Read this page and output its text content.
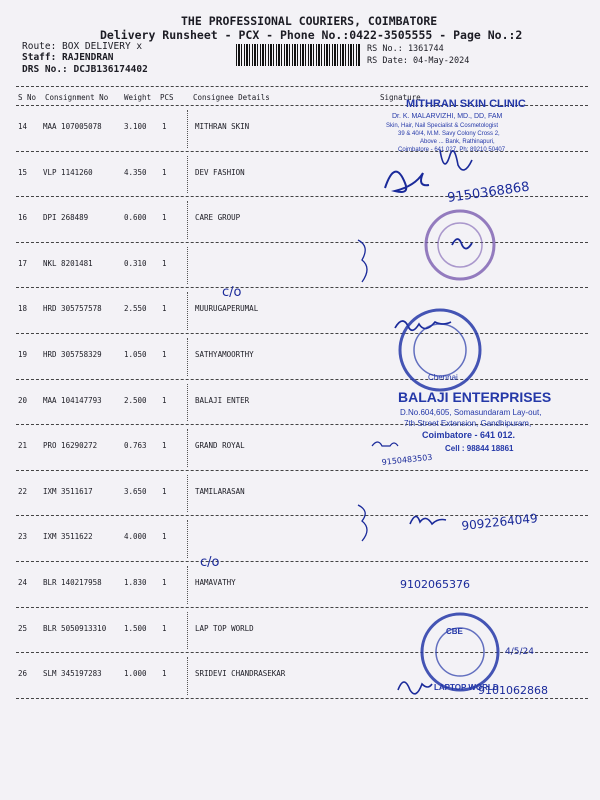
THE PROFESSIONAL COURIERS, COIMBATORE
Delivery Runsheet - PCX - Phone No.:0422-3505555 - Page No.:2
Route: BOX DELIVERY x
Staff: RAJENDRAN
DRS No.: DCJB136174402
RS No.: 1361744
RS Date: 04-May-2024
S No Consignment No Weight PCS	Consignee Details	Signature
14 MAA 107005078	3.100 1	MITHRAN SKIN
15 VLP 1141260	4.350 1	DEV FASHION
16 DPI 268489	0.600 1	CARE GROUP
17 NKL 8201481	0.310 1
18 HRD 305757578	2.550 1	MUURUGAPERUMAL
19 HRD 305758329	1.050 1	SATHYAMOORTHY
20 MAA 104147793	2.500 1	BALAJI ENTER
21 PRO 16290272	0.763 1	GRAND ROYAL
22 IXM 3511617	3.650 1	TAMILARASAN
23 IXM 3511622	4.000 1
24 BLR 140217958	1.830 1	HAMAVATHY
25 BLR 5050913310 1.500 1	LAP TOP WORLD
26 SLM 345197283	1.000 1	SRIDEVI CHANDRASEKAR
MITHRAN SKIN CLINIC
Dr. K. MALARVIZHI, MD., DD, FAM
Skin, Hair, Nail Specialist & Cosmetologist
39 & 40/4, M.M. Savy Colony Cross 2,
Above ... Bank, Rathinapuri,
Coimbatore - 641 027, Ph: 89210 50407
9150368868
c/o
Chennai
BALAJI ENTERPRISES
D.No.604,605, Somasundaram Lay-out,
7th Street Extension, Gandhipuram,
Coimbatore - 641 012.
Cell : 98844 18861
9150483503
9092264049
c/o
9102065376
CBE
LAPTOP WORLD
4/5/24
9101062868
